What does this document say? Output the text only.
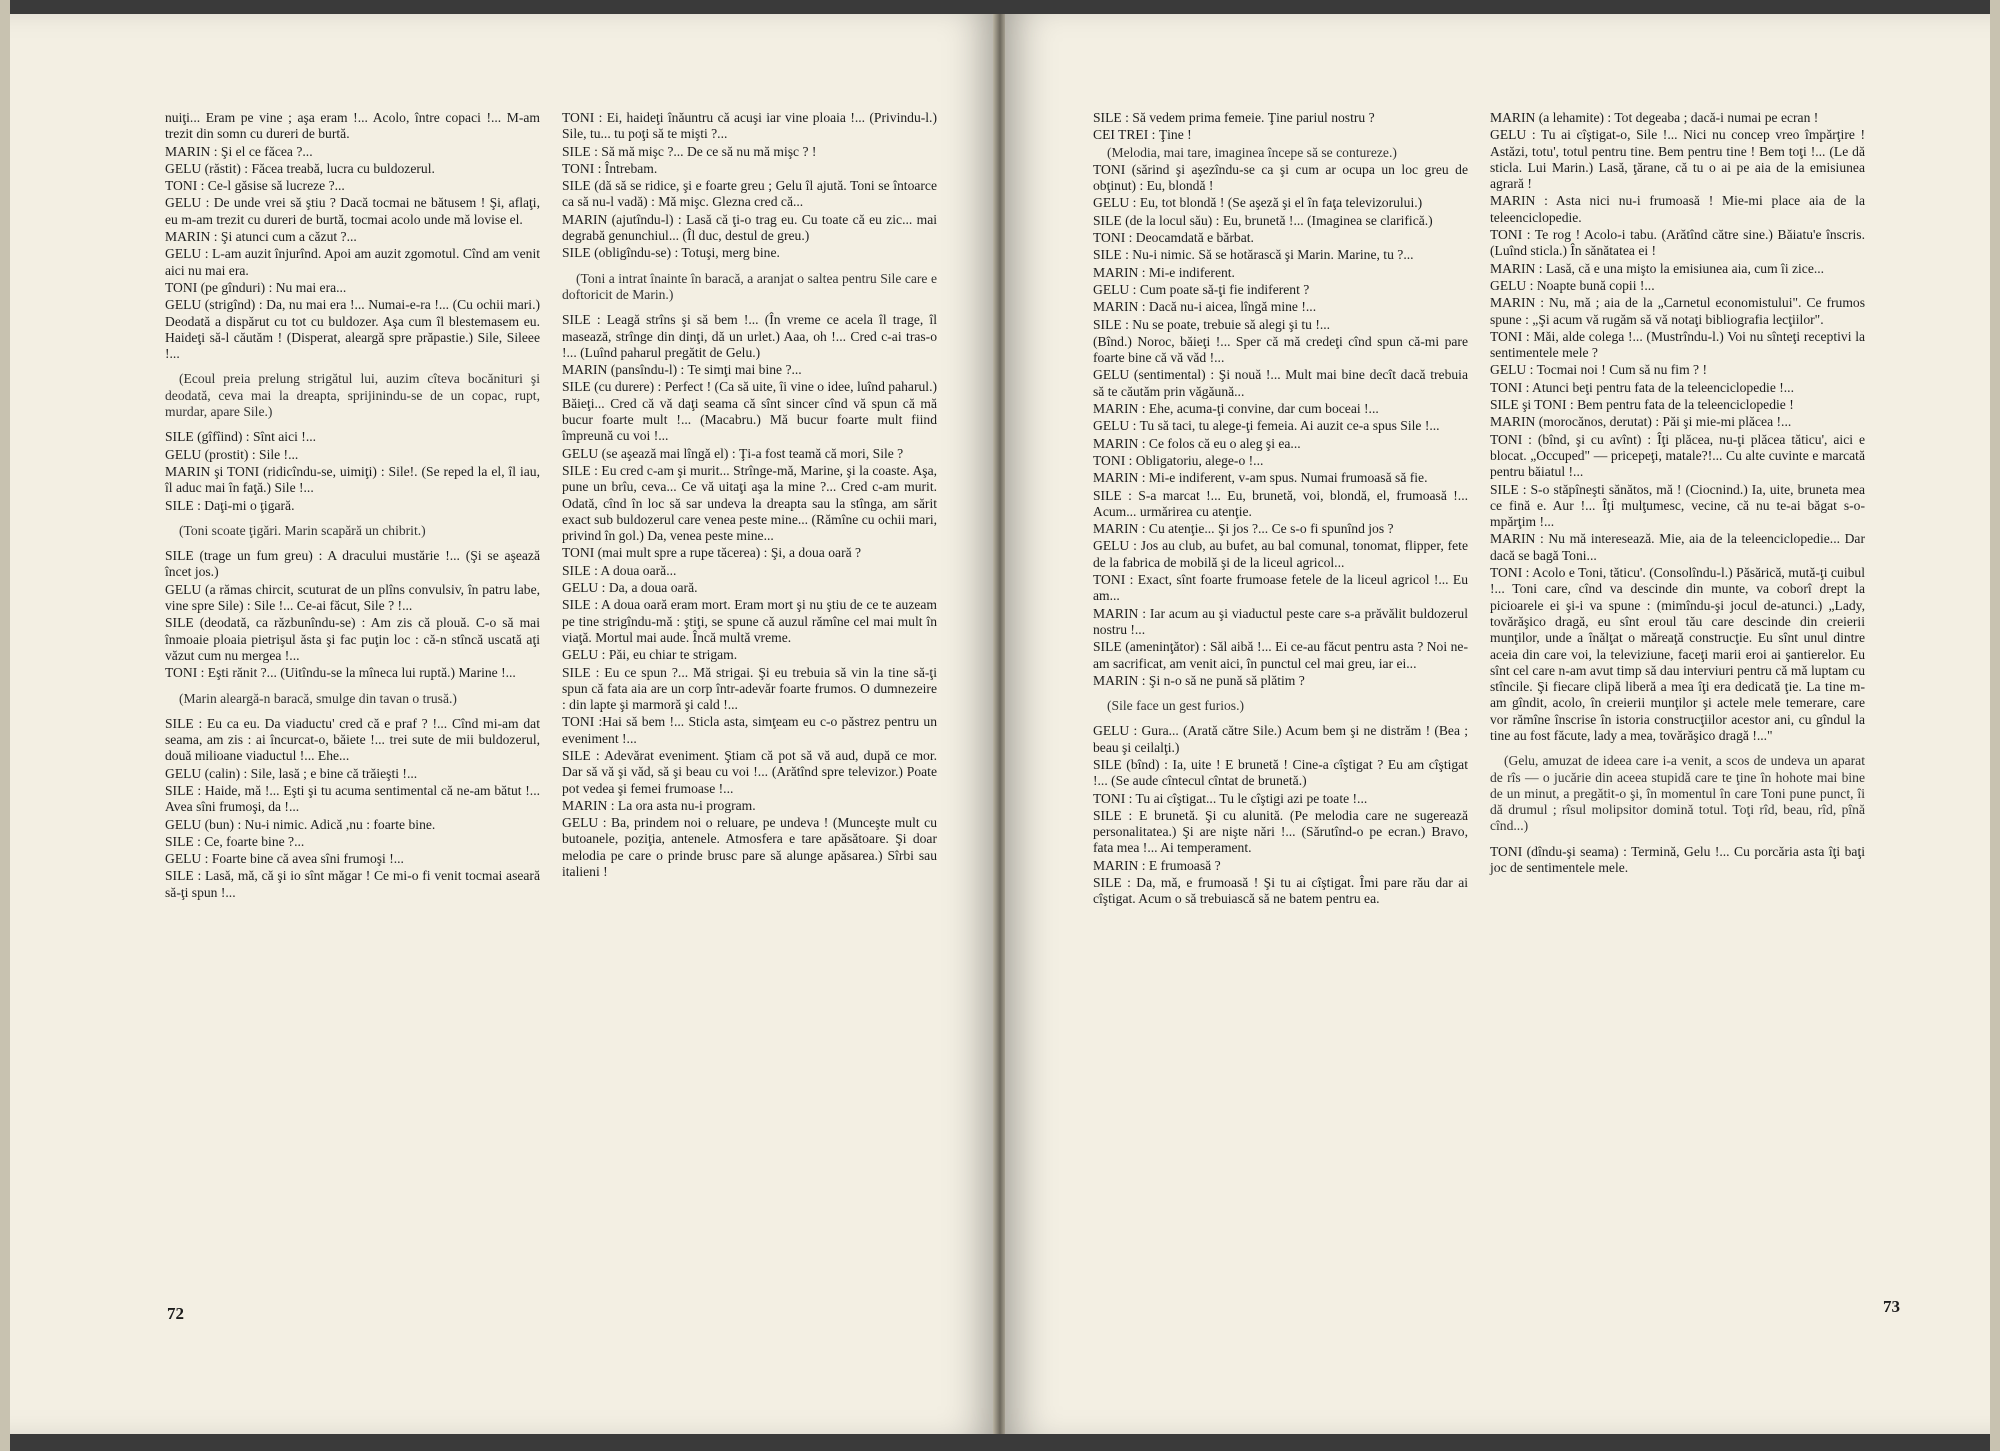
nuiţi... Eram pe vine ; aşa eram !... Acolo, între copaci !... M-am trezit din somn cu dureri de burtă.

MARIN : Şi el ce făcea ?...

GELU (răstit) : Făcea treabă, lucra cu buldozerul.

TONI : Ce-l găsise să lucreze ?...

GELU : De unde vrei să ştiu ? Dacă tocmai ne bătusem ! Şi, aflaţi, eu m-am trezit cu dureri de burtă, tocmai acolo unde mă lovise el.

MARIN : Şi atunci cum a căzut ?...

GELU : L-am auzit înjurînd. Apoi am auzit zgomotul. Cînd am venit aici nu mai era.

TONI (pe gînduri) : Nu mai era...

GELU (strigînd) : Da, nu mai era !... Numai-e-ra !... (Cu ochii mari.) Deodată a dispărut cu tot cu buldozer. Aşa cum îl blestemasem eu. Haideţi să-l căutăm ! (Disperat, aleargă spre prăpastie.) Sile, Sileee !...

(Ecoul preia prelung strigătul lui, auzim cîteva bocănituri şi deodată, ceva mai la dreapta, sprijinindu-se de un copac, rupt, murdar, apare Sile.)

SILE (gîfîind) : Sînt aici !...

GELU (prostit) : Sile !...

MARIN şi TONI (ridicîndu-se, uimiţi) : Sile!. (Se reped la el, îl iau, îl aduc mai în faţă.) Sile !...

SILE : Daţi-mi o ţigară.

(Toni scoate ţigări. Marin scapără un chibrit.)

SILE (trage un fum greu) : A dracului mustărie !... (Şi se aşează încet jos.)

GELU (a rămas chircit, scuturat de un plîns convulsiv, în patru labe, vine spre Sile) : Sile !... Ce-ai făcut, Sile ? !...

SILE (deodată, ca răzbunîndu-se) : Am zis că plouă. C-o să mai înmoaie ploaia pietrişul ăsta şi fac puţin loc : că-n stîncă uscată aţi văzut cum nu mergea !...

TONI : Eşti rănit ?... (Uitîndu-se la mîneca lui ruptă.) Marine !...

(Marin aleargă-n baracă, smulge din tavan o trusă.)

SILE : Eu ca eu. Da viaductu' cred că e praf ? !... Cînd mi-am dat seama, am zis : ai încurcat-o, băiete !... trei sute de mii buldozerul, două milioane viaductul !... Ehe...

GELU (calin) : Sile, lasă ; e bine că trăieşti !...

SILE : Haide, mă !... Eşti şi tu acuma sentimental că ne-am bătut !... Avea sîni frumoşi, da !...

GELU (bun) : Nu-i nimic. Adică ,nu : foarte bine.

SILE : Ce, foarte bine ?...

GELU : Foarte bine că avea sîni frumoşi !...

SILE : Lasă, mă, că şi io sînt măgar ! Ce mi-o fi venit tocmai aseară să-ţi spun !...

TONI : Ei, haideţi înăuntru că acuşi iar vine ploaia !... (Privindu-l.) Sile, tu... tu poţi să te mişti ?...

SILE : Să mă mişc ?... De ce să nu mă mişc ? !

TONI : Întrebam.

SILE (dă să se ridice, şi e foarte greu ; Gelu îl ajută. Toni se întoarce ca să nu-l vadă) : Mă mişc. Glezna cred că...

MARIN (ajutîndu-l) : Lasă că ţi-o trag eu. Cu toate că eu zic... mai degrabă genunchiul... (Îl duc, destul de greu.)

SILE (obligîndu-se) : Totuşi, merg bine.

(Toni a intrat înainte în baracă, a aranjat o saltea pentru Sile care e doftoricit de Marin.)

SILE : Leagă strîns şi să bem !... (În vreme ce acela îl trage, îl masează, strînge din dinţi, dă un urlet.) Aaa, oh !... Cred c-ai tras-o !... (Luînd paharul pregătit de Gelu.)

MARIN (pansîndu-l) : Te simţi mai bine ?...

SILE (cu durere) : Perfect ! (Ca să uite, îi vine o idee, luînd paharul.) Băieţi... Cred că vă daţi seama că sînt sincer cînd vă spun că mă bucur foarte mult !... (Macabru.) Mă bucur foarte mult fiind împreună cu voi !...

GELU (se aşează mai lîngă el) : Ţi-a fost teamă că mori, Sile ?

SILE : Eu cred c-am şi murit... Strînge-mă, Marine, şi la coaste. Aşa, pune un brîu, ceva... Ce vă uitaţi aşa la mine ?... Cred c-am murit. Odată, cînd în loc să sar undeva la dreapta sau la stînga, am sărit exact sub buldozerul care venea peste mine... (Rămîne cu ochii mari, privind în gol.) Da, venea peste mine...

TONI (mai mult spre a rupe tăcerea) : Şi, a doua oară ?

SILE : A doua oară...

GELU : Da, a doua oară.

SILE : A doua oară eram mort. Eram mort şi nu ştiu de ce te auzeam pe tine strigîndu-mă : ştiţi, se spune că auzul rămîne cel mai mult în viaţă. Mortul mai aude. Încă multă vreme.

GELU : Păi, eu chiar te strigam.

SILE : Eu ce spun ?... Mă strigai. Şi eu trebuia să vin la tine să-ţi spun că fata aia are un corp într-adevăr foarte frumos. O dumnezeire : din lapte şi marmoră şi cald !...

TONI :Hai să bem !... Sticla asta, simţeam eu c-o păstrez pentru un eveniment !...

SILE : Adevărat eveniment. Ştiam că pot să vă aud, după ce mor. Dar să vă şi văd, să şi beau cu voi !... (Arătînd spre televizor.) Poate pot vedea şi femei frumoase !...

MARIN : La ora asta nu-i program.

GELU : Ba, prindem noi o reluare, pe undeva ! (Munceşte mult cu butoanele, poziţia, antenele. Atmosfera e tare apăsătoare. Şi doar melodia pe care o prinde brusc pare să alunge apăsarea.) Sîrbi sau italieni !

72

SILE : Să vedem prima femeie. Ţine pariul nostru ?

CEI TREI : Ţine !

(Melodia, mai tare, imaginea începe să se contureze.)

TONI (sărind şi aşezîndu-se ca şi cum ar ocupa un loc greu de obţinut) : Eu, blondă !

GELU : Eu, tot blondă ! (Se aşeză şi el în faţa televizorului.)

SILE (de la locul său) : Eu, brunetă !... (Imaginea se clarifică.)

TONI : Deocamdată e bărbat.

SILE : Nu-i nimic. Să se hotărască şi Marin. Marine, tu ?...

MARIN : Mi-e indiferent.

GELU : Cum poate să-ţi fie indiferent ?

MARIN : Dacă nu-i aicea, lîngă mine !...

SILE : Nu se poate, trebuie să alegi şi tu !...

(Bînd.) Noroc, băieţi !... Sper că mă credeţi cînd spun că-mi pare foarte bine că vă văd !...

GELU (sentimental) : Şi nouă !... Mult mai bine decît dacă trebuia să te căutăm prin văgăună...

MARIN : Ehe, acuma-ţi convine, dar cum boceai !...

GELU : Tu să taci, tu alege-ţi femeia. Ai auzit ce-a spus Sile !...

MARIN : Ce folos că eu o aleg şi ea...

TONI : Obligatoriu, alege-o !...

MARIN : Mi-e indiferent, v-am spus. Numai frumoasă să fie.

SILE : S-a marcat !... Eu, brunetă, voi, blondă, el, frumoasă !... Acum... urmărirea cu atenţie.

MARIN : Cu atenţie... Şi jos ?... Ce s-o fi spunînd jos ?

GELU : Jos au club, au bufet, au bal comunal, tonomat, flipper, fete de la fabrica de mobilă şi de la liceul agricol...

TONI : Exact, sînt foarte frumoase fetele de la liceul agricol !... Eu am...

MARIN : Iar acum au şi viaductul peste care s-a prăvălit buldozerul nostru !...

SILE (ameninţător) : Săl aibă !... Ei ce-au făcut pentru asta ? Noi ne-am sacrificat, am venit aici, în punctul cel mai greu, iar ei...

MARIN : Şi n-o să ne pună să plătim ?

(Sile face un gest furios.)

GELU : Gura... (Arată către Sile.) Acum bem şi ne distrăm ! (Bea ; beau şi ceilalţi.)

SILE (bînd) : Ia, uite ! E brunetă ! Cine-a cîştigat ? Eu am cîştigat !... (Se aude cîntecul cîntat de brunetă.)

TONI : Tu ai cîştigat... Tu le cîştigi azi pe toate !...

SILE : E brunetă. Şi cu alunită. (Pe melodia care ne sugerează personalitatea.) Şi are nişte nări !... (Sărutînd-o pe ecran.) Bravo, fata mea !... Ai temperament.

MARIN : E frumoasă ?

SILE : Da, mă, e frumoasă ! Şi tu ai cîştigat. Îmi pare rău dar ai cîştigat. Acum o să trebuiască să ne batem pentru ea.

MARIN (a lehamite) : Tot degeaba ; dacă-i numai pe ecran !

GELU : Tu ai cîştigat-o, Sile !... Nici nu concep vreo împărţire ! Astăzi, totu', totul pentru tine. Bem pentru tine ! Bem toţi !... (Le dă sticla. Lui Marin.) Lasă, ţărane, că tu o ai pe aia de la emisiunea agrară !

MARIN : Asta nici nu-i frumoasă ! Mie-mi place aia de la teleenciclopedie.

TONI : Te rog ! Acolo-i tabu. (Arătînd către sine.) Băiatu'e înscris. (Luînd sticla.) În sănătatea ei !

MARIN : Lasă, că e una mişto la emisiunea aia, cum îi zice...

GELU : Noapte bună copii !...

MARIN : Nu, mă ; aia de la „Carnetul economistului". Ce frumos spune : „Şi acum vă rugăm să vă notaţi bibliografia lecţiilor".

TONI : Măi, alde colega !... (Mustrîndu-l.) Voi nu sînteţi receptivi la sentimentele mele ?

GELU : Tocmai noi ! Cum să nu fim ? !

TONI : Atunci beţi pentru fata de la teleenciclopedie !...

SILE şi TONI : Bem pentru fata de la teleenciclopedie !

MARIN (morocănos, derutat) : Păi şi mie-mi plăcea !...

TONI : (bînd, şi cu avînt) : Îţi plăcea, nu-ţi plăcea tăticu', aici e blocat. „Occuped" — pricepeţi, matale?!... Cu alte cuvinte e marcată pentru băiatul !...

SILE : S-o stăpîneşti sănătos, mă ! (Ciocnind.) Ia, uite, bruneta mea ce fină e. Aur !... Îţi mulţumesc, vecine, că nu te-ai băgat s-o-mpărţim !...

MARIN : Nu mă interesează. Mie, aia de la teleenciclopedie... Dar dacă se bagă Toni...

TONI : Acolo e Toni, tăticu'. (Consolîndu-l.) Păsărică, mută-ţi cuibul !... Toni care, cînd va descinde din munte, va coborî drept la picioarele ei şi-i va spune : (mimîndu-şi jocul de-atunci.) „Lady, tovărăşico dragă, eu sînt eroul tău care descinde din creierii munţilor, unde a înălţat o măreaţă construcţie. Eu sînt unul dintre aceia din care voi, la televiziune, faceţi marii eroi ai şantierelor. Eu sînt cel care n-am avut timp să dau interviuri pentru că mă luptam cu stîncile. Şi fiecare clipă liberă a mea îţi era dedicată ţie. La tine m-am gîndit, acolo, în creierii munţilor şi actele mele temerare, care vor rămîne înscrise în istoria construcţiilor acestor ani, cu gîndul la tine au fost făcute, lady a mea, tovărăşico dragă !..."

(Gelu, amuzat de ideea care i-a venit, a scos de undeva un aparat de rîs — o jucărie din aceea stupidă care te ţine în hohote mai bine de un minut, a pregătit-o şi, în momentul în care Toni pune punct, îi dă drumul ; rîsul molipsitor domină totul. Toţi rîd, beau, rîd, pînă cînd...)

TONI (dîndu-şi seama) : Termină, Gelu !... Cu porcăria asta îţi baţi joc de sentimentele mele.

73
